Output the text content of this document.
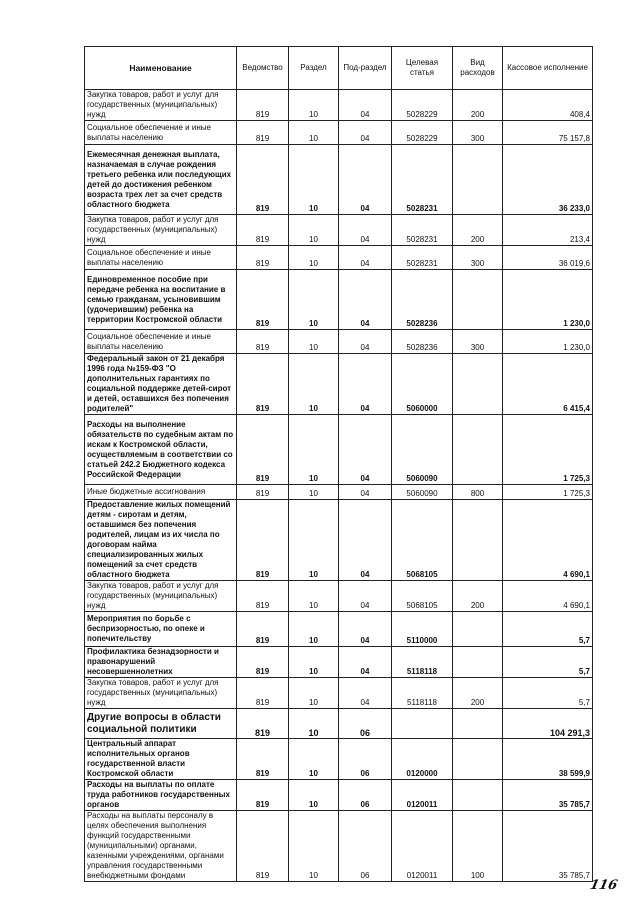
Наименование	Ведомство	Раздел	Под-раздел	Целевая статья	Вид расходов	Кассовое исполнение
Закупка товаров, работ и услуг для государственных (муниципальных) нужд	819	10	04	5028229	200	408,4
Социальное обеспечение и иные выплаты населению	819	10	04	5028229	300	75 157,8
Ежемесячная денежная выплата, назначаемая в случае рождения третьего ребенка или последующих детей до достижения ребенком возраста трех лет за счет средств областного бюджета	819	10	04	5028231		36 233,0
Закупка товаров, работ и услуг для государственных (муниципальных) нужд	819	10	04	5028231	200	213,4
Социальное обеспечение и иные выплаты населению	819	10	04	5028231	300	36 019,6
Единовременное пособие при передаче ребенка на воспитание в семью гражданам, усыновившим (удочерившим) ребенка на территории Костромской области	819	10	04	5028236		1 230,0
Социальное обеспечение и иные выплаты населению	819	10	04	5028236	300	1 230,0
Федеральный закон от 21 декабря 1996 года №159-ФЗ "О дополнительных гарантиях по социальной поддержке детей-сирот и детей, оставшихся без попечения родителей"	819	10	04	5060000		6 415,4
Расходы на выполнение обязательств по судебным актам по искам к Костромской области, осуществляемым в соответствии со статьей 242.2 Бюджетного кодекса Российской Федерации	819	10	04	5060090		1 725,3
Иные бюджетные ассигнования	819	10	04	5060090	800	1 725,3
Предоставление жилых помещений детям - сиротам и детям, оставшимся без попечения родителей, лицам из их числа по договорам найма специализированных жилых помещений за счет средств областного бюджета	819	10	04	5068105		4 690,1
Закупка товаров, работ и услуг для государственных (муниципальных) нужд	819	10	04	5068105	200	4 690,1
Мероприятия по борьбе с беспризорностью, по опеке и попечительству	819	10	04	5110000		5,7
Профилактика безнадзорности и правонарушений несовершеннолетних	819	10	04	5118118		5,7
Закупка товаров, работ и услуг для государственных (муниципальных) нужд	819	10	04	5118118	200	5,7
Другие вопросы в области социальной политики	819	10	06			104 291,3
Центральный аппарат исполнительных органов государственной власти Костромской области	819	10	06	0120000		38 599,9
Расходы на выплаты по оплате труда работников государственных органов	819	10	06	0120011		35 785,7
Расходы на выплаты персоналу в целях обеспечения выполнения функций государственными (муниципальными) органами, казенными учреждениями, органами управления государственными внебюджетными фондами	819	10	06	0120011	100	35 785,7
116
